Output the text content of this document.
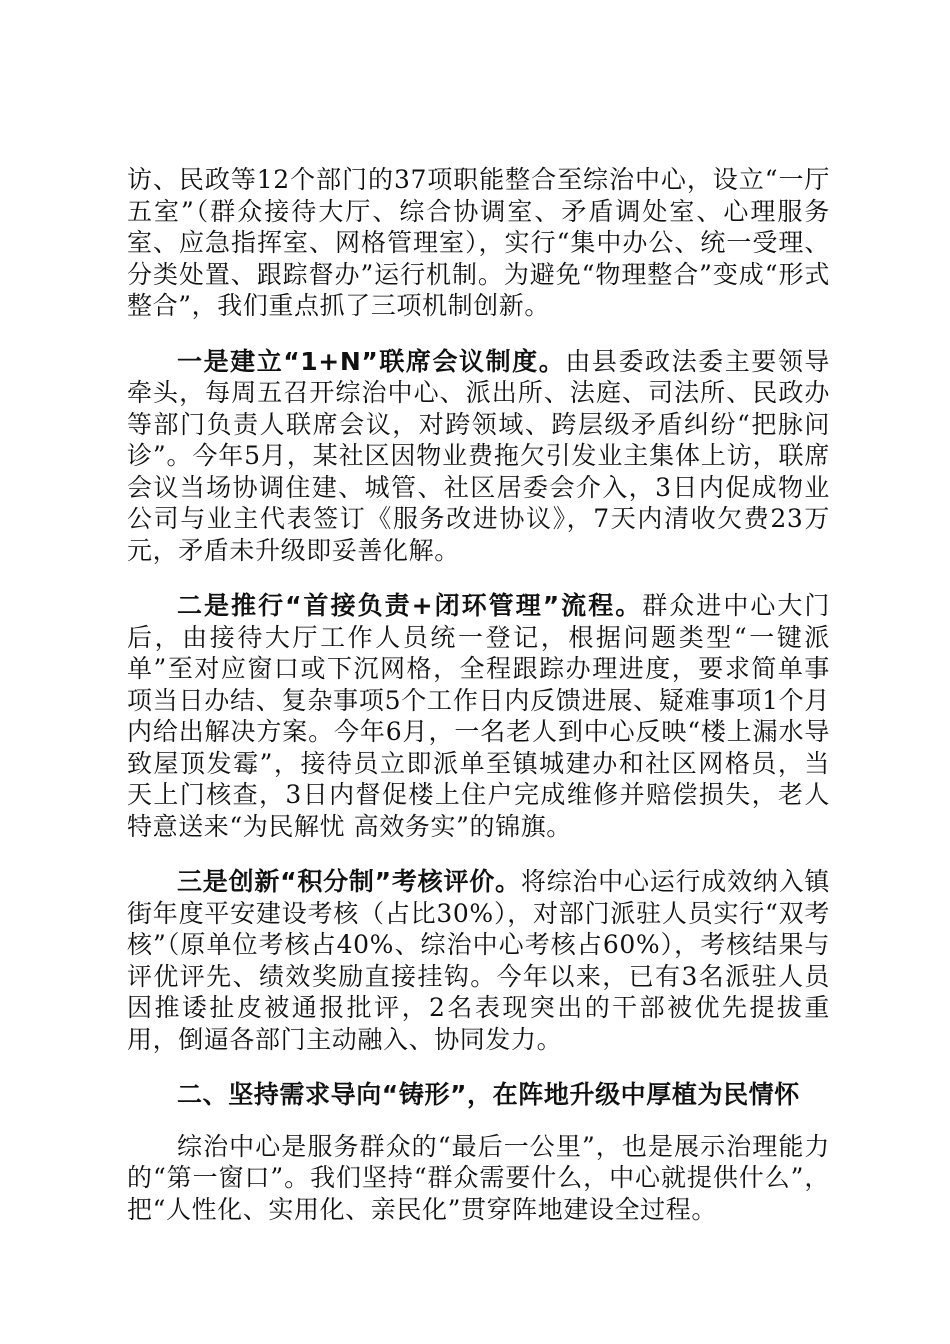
访、民政等12个部门的37项职能整合至综治中心，设立“一厅五室”（群众接待大厅、综合协调室、矛盾调处室、心理服务室、应急指挥室、网格管理室），实行“集中办公、统一受理、分类处置、跟踪督办”运行机制。为避免“物理整合”变成“形式整合”，我们重点抓了三项机制创新。

一是建立“1+N”联席会议制度。由县委政法委主要领导牵头，每周五召开综治中心、派出所、法庭、司法所、民政办等部门负责人联席会议，对跨领域、跨层级矛盾纠纷“把脉问诊”。今年5月，某社区因物业费拖欠引发业主集体上访，联席会议当场协调住建、城管、社区居委会介入，3日内促成物业公司与业主代表签订《服务改进协议》，7天内清收欠费23万元，矛盾未升级即妥善化解。

二是推行“首接负责+闭环管理”流程。群众进中心大门后，由接待大厅工作人员统一登记，根据问题类型“一键派单”至对应窗口或下沉网格，全程跟踪办理进度，要求简单事项当日办结、复杂事项5个工作日内反馈进展、疑难事项1个月内给出解决方案。今年6月，一名老人到中心反映“楼上漏水导致屋顶发霉”，接待员立即派单至镇城建办和社区网格员，当天上门核查，3日内督促楼上住户完成维修并赔偿损失，老人特意送来“为民解忧 高效务实”的锦旗。

三是创新“积分制”考核评价。将综治中心运行成效纳入镇街年度平安建设考核（占比30%），对部门派驻人员实行“双考核”（原单位考核占40%、综治中心考核占60%），考核结果与评优评先、绩效奖励直接挂钩。今年以来，已有3名派驻人员因推诿扯皮被通报批评，2名表现突出的干部被优先提拔重用，倒逼各部门主动融入、协同发力。

二、坚持需求导向“铸形”，在阵地升级中厚植为民情怀

综治中心是服务群众的“最后一公里”，也是展示治理能力的“第一窗口”。我们坚持“群众需要什么，中心就提供什么”，把“人性化、实用化、亲民化”贯穿阵地建设全过程。
